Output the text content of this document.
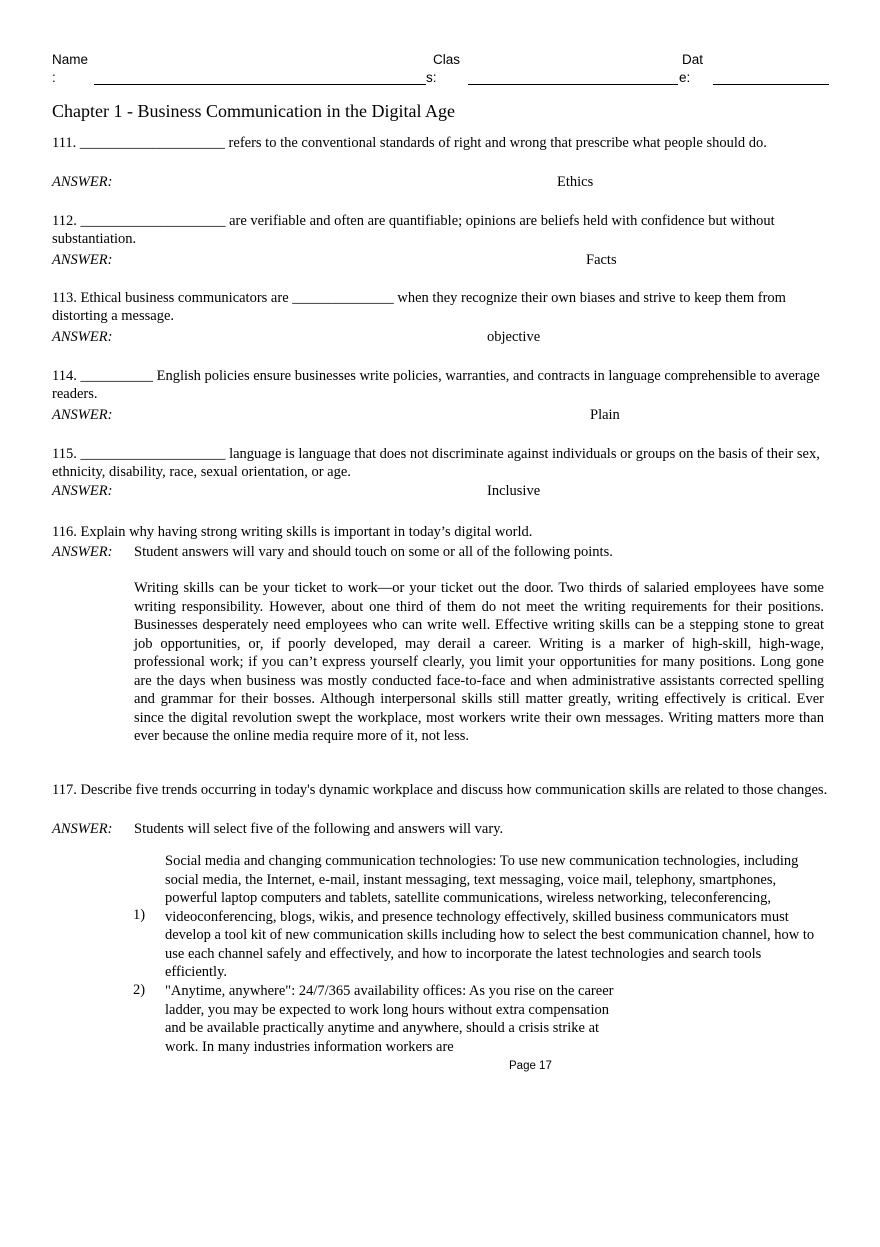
Name
:
Clas
s:
Dat
e:
Chapter 1 - Business Communication in the Digital Age
111. ____________________ refers to the conventional standards of right and wrong that prescribe what people should do.
ANSWER:	Ethics
112. ____________________ are verifiable and often are quantifiable; opinions are beliefs held with confidence but without substantiation.
ANSWER:	Facts
113. Ethical business communicators are ______________ when they recognize their own biases and strive to keep them from distorting a message.
ANSWER:	objective
114. __________ English policies ensure businesses write policies, warranties, and contracts in language comprehensible to average readers.
ANSWER:	Plain
115. ____________________ language is language that does not discriminate against individuals or groups on the basis of their sex, ethnicity, disability, race, sexual orientation, or age.
ANSWER:	Inclusive
116. Explain why having strong writing skills is important in today’s digital world.
ANSWER: Student answers will vary and should touch on some or all of the following points.
Writing skills can be your ticket to work—or your ticket out the door. Two thirds of salaried employees have some writing responsibility. However, about one third of them do not meet the writing requirements for their positions. Businesses desperately need employees who can write well. Effective writing skills can be a stepping stone to great job opportunities, or, if poorly developed, may derail a career. Writing is a marker of high-skill, high-wage, professional work; if you can’t express yourself clearly, you limit your opportunities for many positions. Long gone are the days when business was mostly conducted face-to-face and when administrative assistants corrected spelling and grammar for their bosses. Although interpersonal skills still matter greatly, writing effectively is critical. Ever since the digital revolution swept the workplace, most workers write their own messages. Writing matters more than ever because the online media require more of it, not less.
117. Describe five trends occurring in today's dynamic workplace and discuss how communication skills are related to those changes.
ANSWER: Students will select five of the following and answers will vary.
1)
Social media and changing communication technologies: To use new communication technologies, including social media, the Internet, e-mail, instant messaging, text messaging, voice mail, telephony, smartphones, powerful laptop computers and tablets, satellite communications, wireless networking, teleconferencing, videoconferencing, blogs, wikis, and presence technology effectively, skilled business communicators must develop a tool kit of new communication skills including how to select the best communication channel, how to use each channel safely and effectively, and how to incorporate the latest technologies and search tools efficiently.
2) "Anytime, anywhere": 24/7/365 availability offices: As you rise on the career ladder, you may be expected to work long hours without extra compensation and be available practically anytime and anywhere, should a crisis strike at work. In many industries information workers are
Page 17
